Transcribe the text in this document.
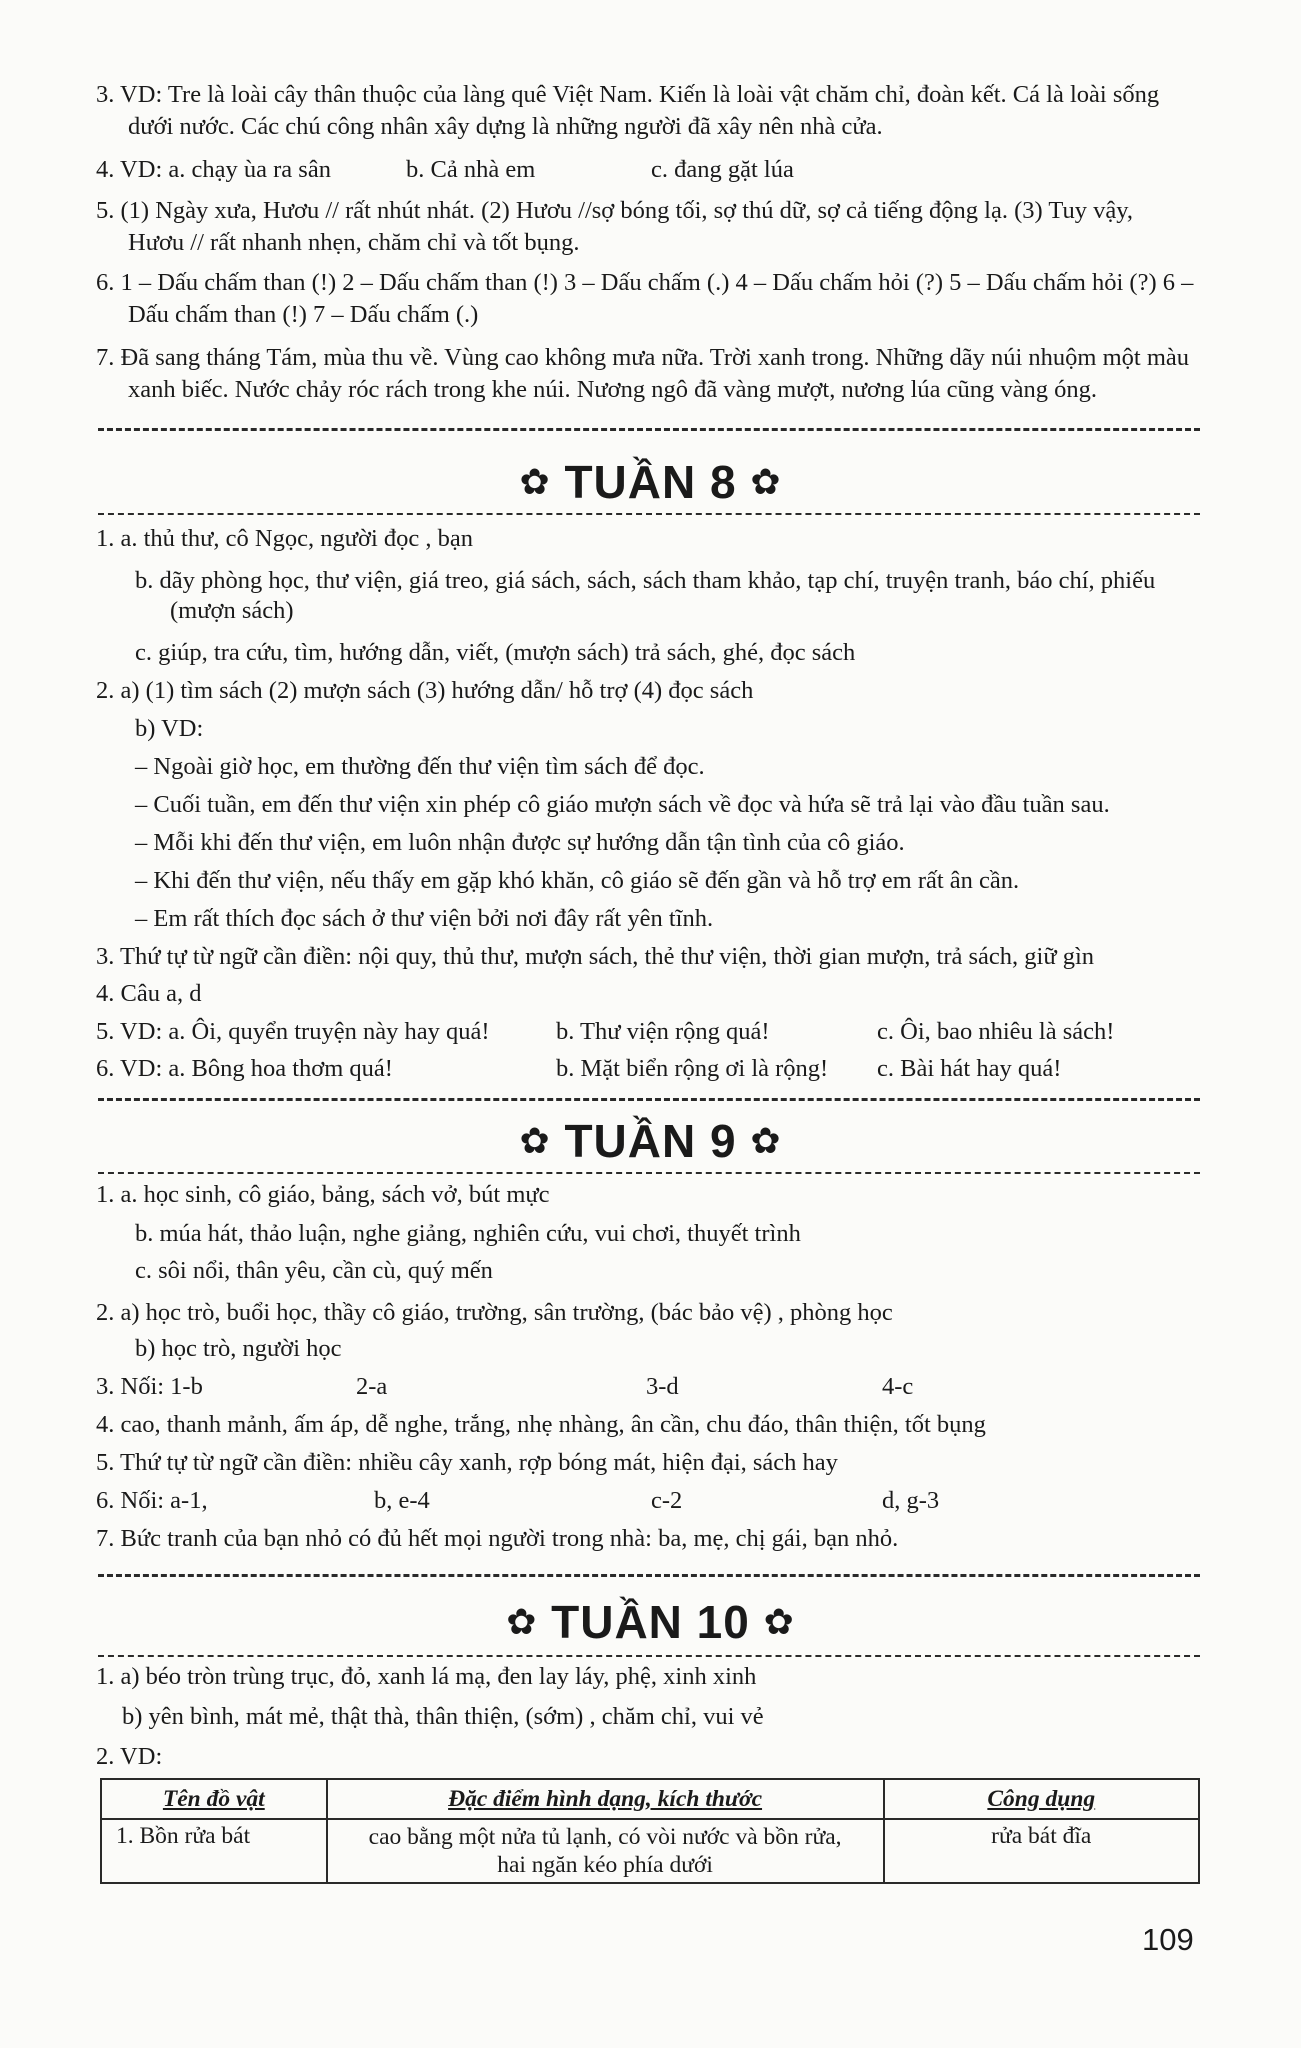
3. VD: Tre là loài cây thân thuộc của làng quê Việt Nam. Kiến là loài vật chăm chỉ, đoàn kết. Cá là loài sống
dưới nước. Các chú công nhân xây dựng là những người đã xây nên nhà cửa.
4. VD: a. chạy ùa ra sân	b. Cả nhà em	c. đang gặt lúa
5. (1) Ngày xưa, Hươu // rất nhút nhát. (2) Hươu //sợ bóng tối, sợ thú dữ, sợ cả tiếng động lạ. (3) Tuy vậy,
Hươu // rất nhanh nhẹn, chăm chỉ và tốt bụng.
6. 1 – Dấu chấm than (!) 2 – Dấu chấm than (!) 3 – Dấu chấm (.) 4 – Dấu chấm hỏi (?) 5 – Dấu chấm hỏi (?) 6 –
Dấu chấm than (!) 7 – Dấu chấm (.)
7. Đã sang tháng Tám, mùa thu về. Vùng cao không mưa nữa. Trời xanh trong. Những dãy núi nhuộm một màu
xanh biếc. Nước chảy róc rách trong khe núi. Nương ngô đã vàng mượt, nương lúa cũng vàng óng.
✿ TUẦN 8 ✿
1. a. thủ thư, cô Ngọc, người đọc , bạn
b. dãy phòng học, thư viện, giá treo, giá sách, sách, sách tham khảo, tạp chí, truyện tranh, báo chí, phiếu
(mượn sách)
c. giúp, tra cứu, tìm, hướng dẫn, viết, (mượn sách) trả sách, ghé, đọc sách
2. a) (1) tìm sách (2) mượn sách (3) hướng dẫn/ hỗ trợ (4) đọc sách
b) VD:
– Ngoài giờ học, em thường đến thư viện tìm sách để đọc.
– Cuối tuần, em đến thư viện xin phép cô giáo mượn sách về đọc và hứa sẽ trả lại vào đầu tuần sau.
– Mỗi khi đến thư viện, em luôn nhận được sự hướng dẫn tận tình của cô giáo.
– Khi đến thư viện, nếu thấy em gặp khó khăn, cô giáo sẽ đến gần và hỗ trợ em rất ân cần.
– Em rất thích đọc sách ở thư viện bởi nơi đây rất yên tĩnh.
3. Thứ tự từ ngữ cần điền: nội quy, thủ thư, mượn sách, thẻ thư viện, thời gian mượn, trả sách, giữ gìn
4. Câu a, d
5. VD: a. Ôi, quyển truyện này hay quá!	b. Thư viện rộng quá!	c. Ôi, bao nhiêu là sách!
6. VD: a. Bông hoa thơm quá!	b. Mặt biển rộng ơi là rộng! c. Bài hát hay quá!
✿ TUẦN 9 ✿
1. a. học sinh, cô giáo, bảng, sách vở, bút mực
b. múa hát, thảo luận, nghe giảng, nghiên cứu, vui chơi, thuyết trình
c. sôi nổi, thân yêu, cần cù, quý mến
2. a) học trò, buổi học, thầy cô giáo, trường, sân trường, (bác bảo vệ) , phòng học
b) học trò, người học
3. Nối: 1-b	2-a	3-d	4-c
4. cao, thanh mảnh, ấm áp, dễ nghe, trắng, nhẹ nhàng, ân cần, chu đáo, thân thiện, tốt bụng
5. Thứ tự từ ngữ cần điền: nhiều cây xanh, rợp bóng mát, hiện đại, sách hay
6. Nối: a-1,	b, e-4	c-2	d, g-3
7. Bức tranh của bạn nhỏ có đủ hết mọi người trong nhà: ba, mẹ, chị gái, bạn nhỏ.
✿ TUẦN 10 ✿
1. a) béo tròn trùng trục, đỏ, xanh lá mạ, đen lay láy, phệ, xinh xinh
b) yên bình, mát mẻ, thật thà, thân thiện, (sớm) , chăm chỉ, vui vẻ
2. VD:
Tên đồ vật	Đặc điểm hình dạng, kích thước	Công dụng
1. Bồn rửa bát	cao bằng một nửa tủ lạnh, có vòi nước và bồn rửa,
hai ngăn kéo phía dưới	rửa bát đĩa
109
